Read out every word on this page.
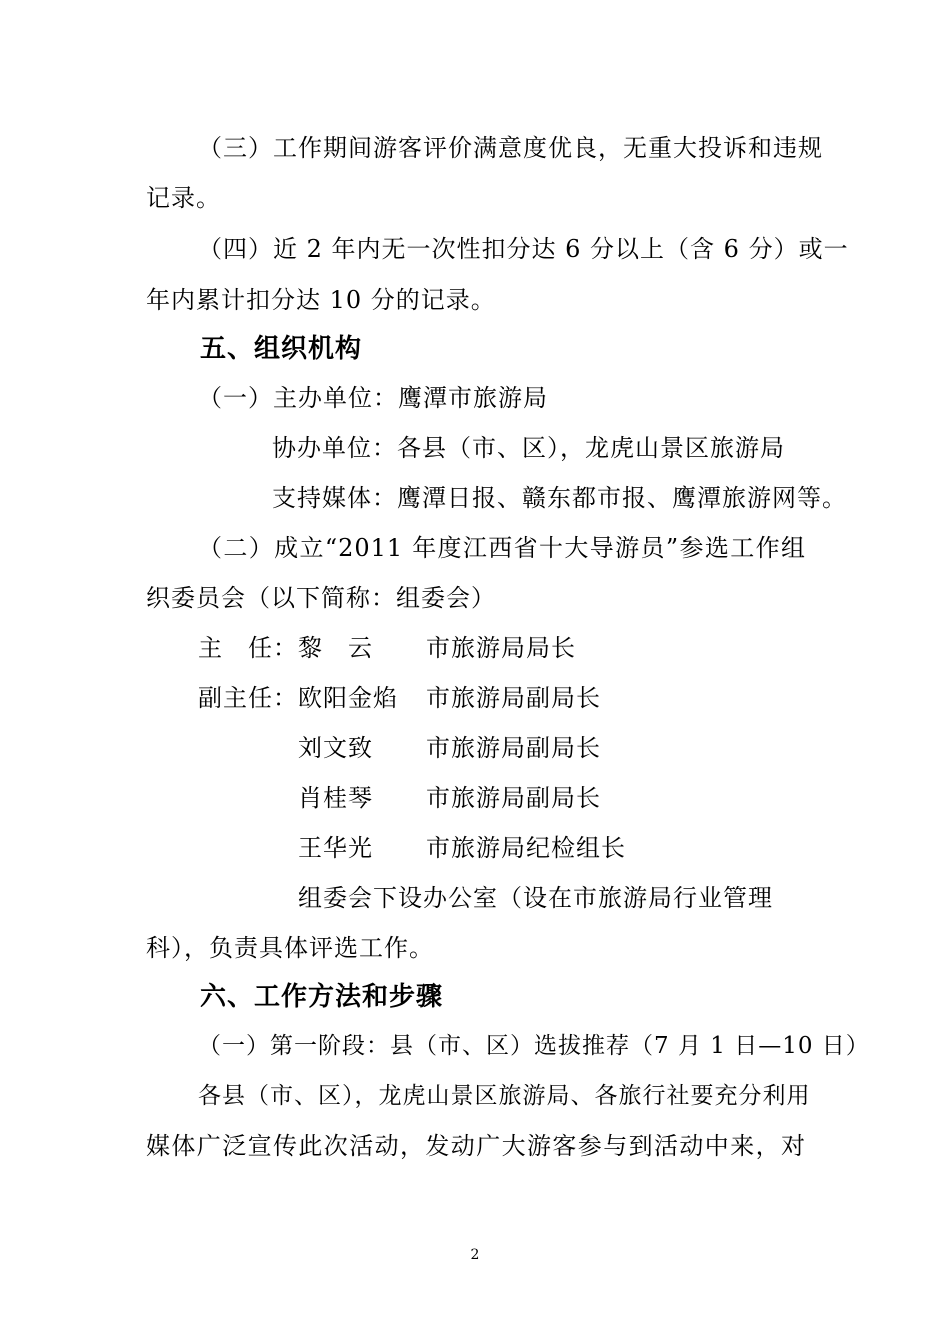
（三）工作期间游客评价满意度优良，无重大投诉和违规
记录。
（四）近 2 年内无一次性扣分达 6 分以上（含 6 分）或一
年内累计扣分达 10 分的记录。
五、组织机构
（一）主办单位：鹰潭市旅游局
协办单位：各县（市、区），龙虎山景区旅游局
支持媒体：鹰潭日报、赣东都市报、鹰潭旅游网等。
（二）成立“2011 年度江西省十大导游员”参选工作组
织委员会（以下简称：组委会）
主　任： 黎　云 市旅游局局长
副主任： 欧阳金焰 市旅游局副局长
刘文致 市旅游局副局长
肖桂琴 市旅游局副局长
王华光 市旅游局纪检组长
组委会下设办公室（设在市旅游局行业管理
科），负责具体评选工作。
六、工作方法和步骤
（一）第一阶段：县（市、区）选拔推荐（7 月 1 日—10 日）
各县（市、区），龙虎山景区旅游局、各旅行社要充分利用
媒体广泛宣传此次活动，发动广大游客参与到活动中来，对
2
